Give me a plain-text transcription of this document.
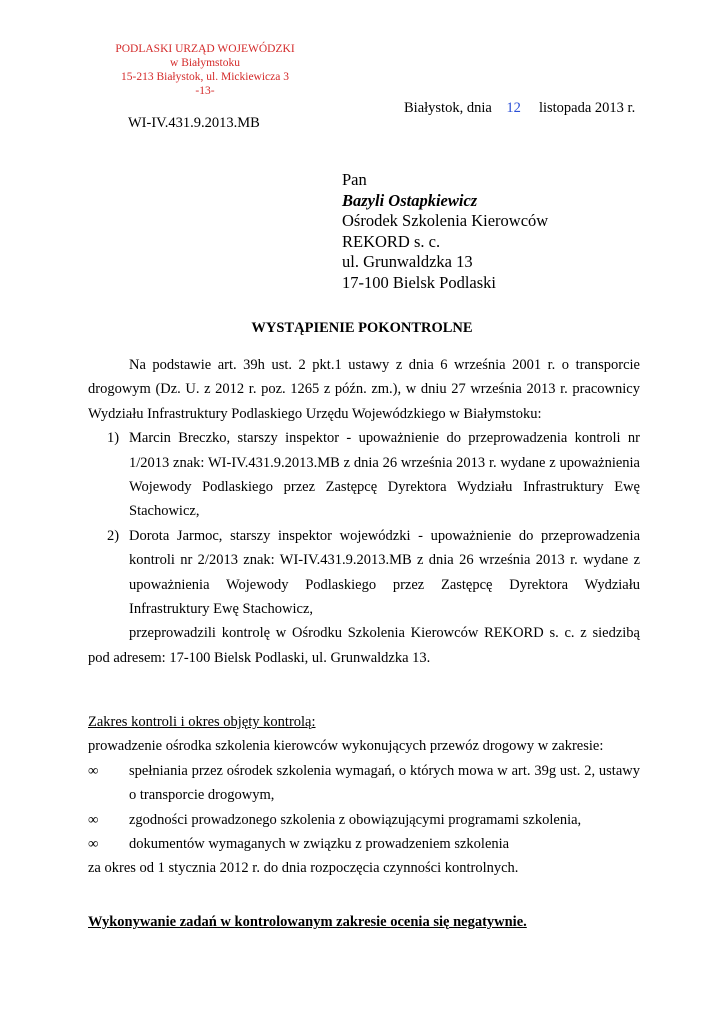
PODLASKI URZĄD WOJEWÓDZKI
w Białymstoku
15-213 Białystok, ul. Mickiewicza 3
-13-
Białystok, dnia 12 listopada 2013 r.
WI-IV.431.9.2013.MB
Pan
Bazyli Ostapkiewicz
Ośrodek Szkolenia Kierowców
REKORD s. c.
ul. Grunwaldzka 13
17-100 Bielsk Podlaski
WYSTĄPIENIE POKONTROLNE

Na podstawie art. 39h ust. 2 pkt.1 ustawy z dnia 6 września 2001 r. o transporcie drogowym (Dz. U. z 2012 r. poz. 1265 z późn. zm.), w dniu 27 września 2013 r. pracownicy Wydziału Infrastruktury Podlaskiego Urzędu Wojewódzkiego w Białymstoku:

1) Marcin Breczko, starszy inspektor - upoważnienie do przeprowadzenia kontroli nr 1/2013 znak: WI-IV.431.9.2013.MB z dnia 26 września 2013 r. wydane z upoważnienia Wojewody Podlaskiego przez Zastępcę Dyrektora Wydziału Infrastruktury Ewę Stachowicz,
2) Dorota Jarmoc, starszy inspektor wojewódzki - upoważnienie do przeprowadzenia kontroli nr 2/2013 znak: WI-IV.431.9.2013.MB z dnia 26 września 2013 r. wydane z upoważnienia Wojewody Podlaskiego przez Zastępcę Dyrektora Wydziału Infrastruktury Ewę Stachowicz,

przeprowadzili kontrolę w Ośrodku Szkolenia Kierowców REKORD s. c. z siedzibą pod adresem: 17-100 Bielsk Podlaski, ul. Grunwaldzka 13.

Zakres kontroli i okres objęty kontrolą:

prowadzenie ośrodka szkolenia kierowców wykonujących przewóz drogowy w zakresie:

∞ spełniania przez ośrodek szkolenia wymagań, o których mowa w art. 39g ust. 2, ustawy o transporcie drogowym,
∞ zgodności prowadzonego szkolenia z obowiązującymi programami szkolenia,
∞ dokumentów wymaganych w związku z prowadzeniem szkolenia

za okres od 1 stycznia 2012 r. do dnia rozpoczęcia czynności kontrolnych.

Wykonywanie zadań w kontrolowanym zakresie ocenia się negatywnie.
